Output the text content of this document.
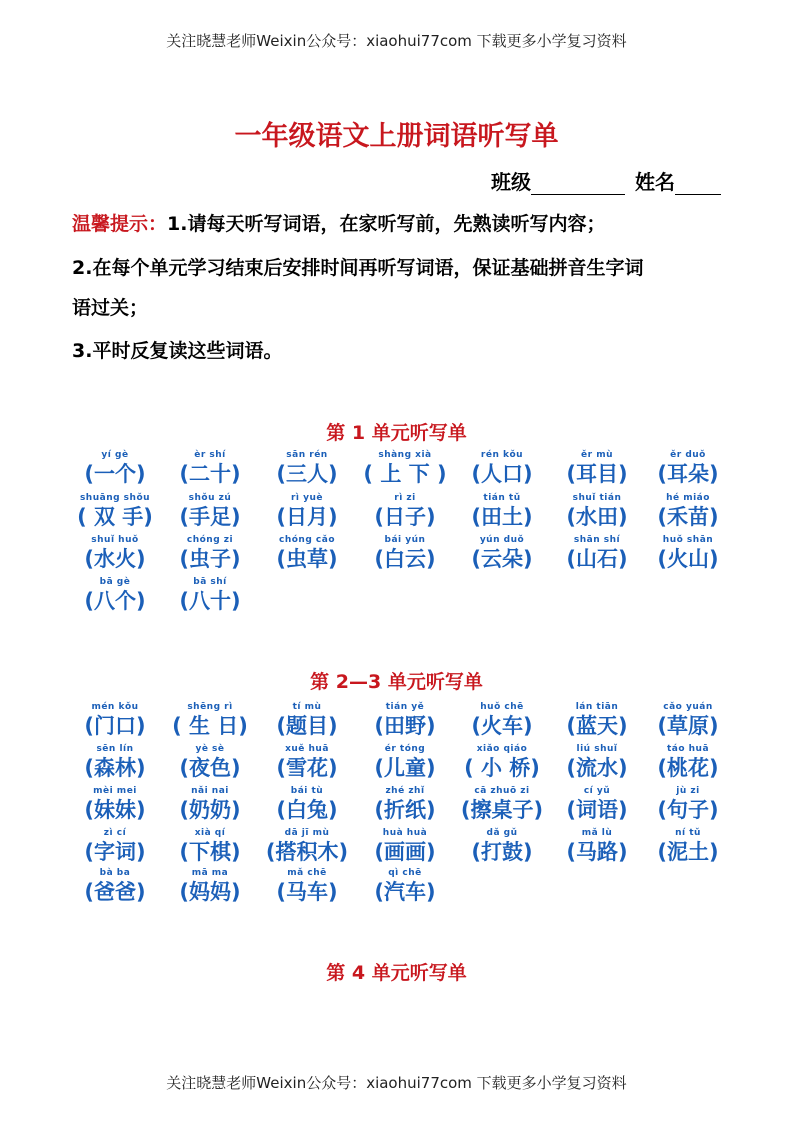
关注晓慧老师Weixin公众号：xiaohui77com 下载更多小学复习资料
一年级语文上册词语听写单
班级	姓名
温馨提示：1.请每天听写词语，在家听写前，先熟读听写内容；
2.在每个单元学习结束后安排时间再听写词语，保证基础拼音生字词
语过关；
3.平时反复读这些词语。
第 1 单元听写单
yí gè
(一个)
èr shí
(二十)
sān rén
(三人)
shàng xià
( 上 下 )
rén kǒu
(人口)
ěr mù
(耳目)
ěr duǒ
(耳朵)
shuāng shǒu
( 双 手)
shǒu zú
(手足)
rì yuè
(日月)
rì zi
(日子)
tián tǔ
(田土)
shuǐ tián
(水田)
hé miáo
(禾苗)
shuǐ huǒ
(水火)
chóng zi
(虫子)
chóng cǎo
(虫草)
bái yún
(白云)
yún duǒ
(云朵)
shān shí
(山石)
huǒ shān
(火山)
bā gè
(八个)
bā shí
(八十)
第 2—3 单元听写单
mén kǒu
(门口)
shēng rì
( 生 日)
tí mù
(题目)
tián yě
(田野)
huǒ chē
(火车)
lán tiān
(蓝天)
cǎo yuán
(草原)
sēn lín
(森林)
yè sè
(夜色)
xuě huā
(雪花)
ér tóng
(儿童)
xiǎo qiáo
( 小 桥)
liú shuǐ
(流水)
táo huā
(桃花)
mèi mei
(妹妹)
nǎi nai
(奶奶)
bái tù
(白兔)
zhé zhǐ
(折纸)
cā zhuō zi
(擦桌子)
cí yǔ
(词语)
jù zi
(句子)
zì cí
(字词)
xià qí
(下棋)
dā jī mù
(搭积木)
huà huà
(画画)
dǎ gǔ
(打鼓)
mǎ lù
(马路)
ní tǔ
(泥土)
bà ba
(爸爸)
mā ma
(妈妈)
mǎ chē
(马车)
qì chē
(汽车)
第 4 单元听写单
关注晓慧老师Weixin公众号：xiaohui77com 下载更多小学复习资料
